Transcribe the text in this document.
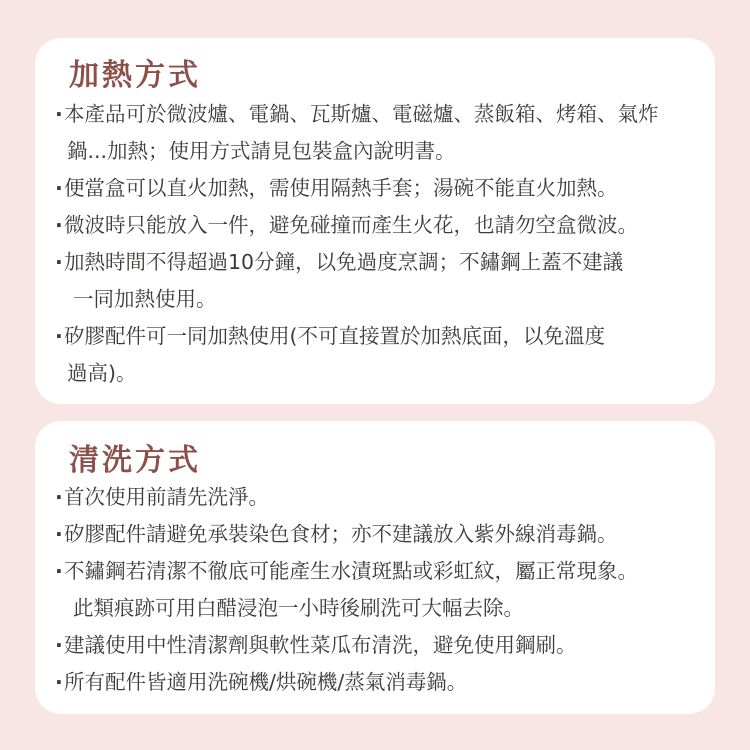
加熱方式
·本產品可於微波爐、電鍋、瓦斯爐、電磁爐、蒸飯箱、烤箱、氣炸
鍋...加熱；使用方式請見包裝盒內說明書。
·便當盒可以直火加熱，需使用隔熱手套；湯碗不能直火加熱。
·微波時只能放入一件，避免碰撞而產生火花，也請勿空盒微波。
·加熱時間不得超過10分鐘，以免過度烹調；不鏽鋼上蓋不建議
一同加熱使用。
·矽膠配件可一同加熱使用(不可直接置於加熱底面，以免溫度
過高)。
清洗方式
·首次使用前請先洗淨。
·矽膠配件請避免承裝染色食材；亦不建議放入紫外線消毒鍋。
·不鏽鋼若清潔不徹底可能產生水漬斑點或彩虹紋，屬正常現象。
此類痕跡可用白醋浸泡一小時後刷洗可大幅去除。
·建議使用中性清潔劑與軟性菜瓜布清洗，避免使用鋼刷。
·所有配件皆適用洗碗機/烘碗機/蒸氣消毒鍋。
